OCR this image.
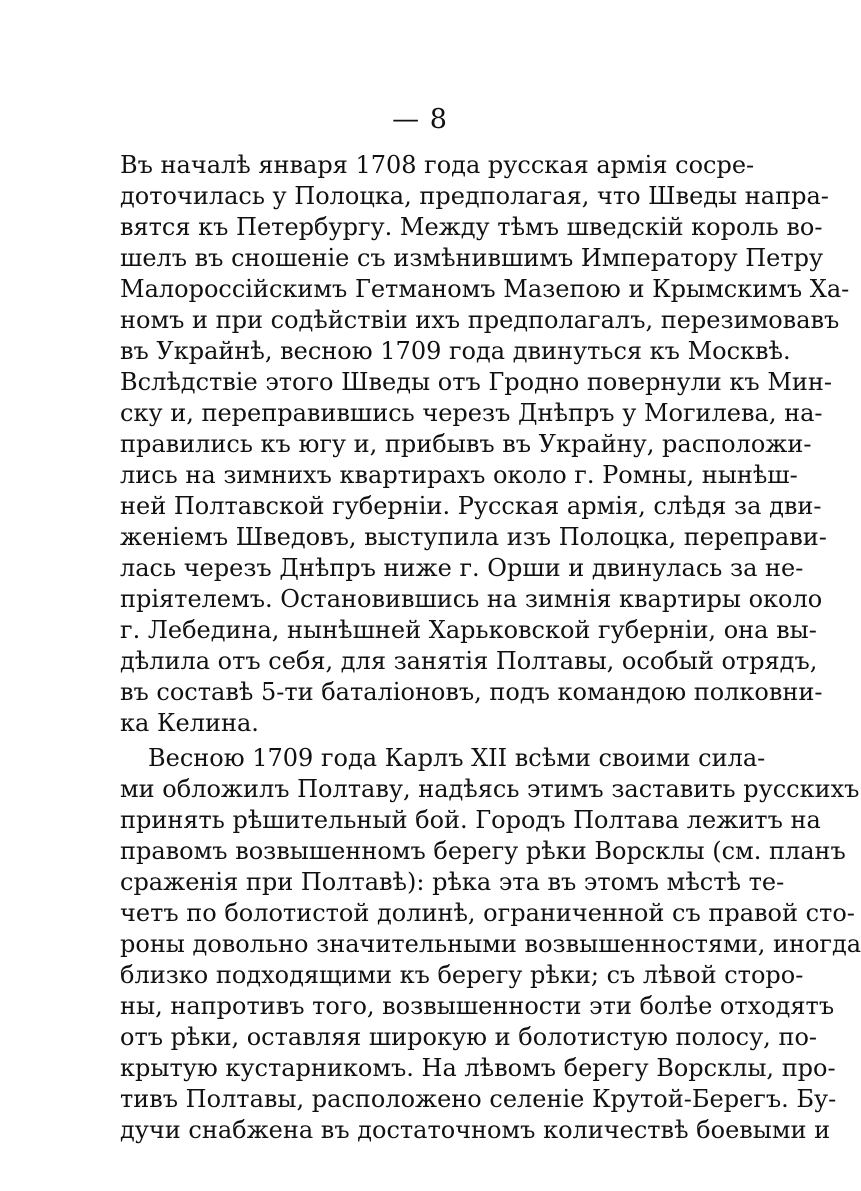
— 8
Въ началѣ января 1708 года русская армія сосре-
доточилась у Полоцка, предполагая, что Шведы напра-
вятся къ Петербургу. Между тѣмъ шведскій король во-
шелъ въ сношеніе съ измѣнившимъ Императору Петру
Малороссійскимъ Гетманомъ Мазепою и Крымскимъ Ха-
номъ и при содѣйствіи ихъ предполагалъ, перезимовавъ
въ Украйнѣ, весною 1709 года двинуться къ Москвѣ.
Вслѣдствіе этого Шведы отъ Гродно повернули къ Мин-
ску и, переправившись черезъ Днѣпръ у Могилева, на-
правились къ югу и, прибывъ въ Украйну, расположи-
лись на зимнихъ квартирахъ около г. Ромны, нынѣш-
ней Полтавской губерніи. Русская армія, слѣдя за дви-
женіемъ Шведовъ, выступила изъ Полоцка, переправи-
лась черезъ Днѣпръ ниже г. Орши и двинулась за не-
пріятелемъ. Остановившись на зимнія квартиры около
г. Лебедина, нынѣшней Харьковской губерніи, она вы-
дѣлила отъ себя, для занятія Полтавы, особый отрядъ,
въ составѣ 5-ти баталіоновъ, подъ командою полковни-
ка Келина.
Весною 1709 года Карлъ XII всѣми своими сила-
ми обложилъ Полтаву, надѣясь этимъ заставить русскихъ
принять рѣшительный бой. Городъ Полтава лежитъ на
правомъ возвышенномъ берегу рѣки Ворсклы (см. планъ
сраженія при Полтавѣ): рѣка эта въ этомъ мѣстѣ те-
четъ по болотистой долинѣ, ограниченной съ правой сто-
роны довольно значительными возвышенностями, иногда
близко подходящими къ берегу рѣки; съ лѣвой сторо-
ны, напротивъ того, возвышенности эти болѣе отходятъ
отъ рѣки, оставляя широкую и болотистую полосу, по-
крытую кустарникомъ. На лѣвомъ берегу Ворсклы, про-
тивъ Полтавы, расположено селеніе Крутой-Берегъ. Бу-
дучи снабжена въ достаточномъ количествѣ боевыми и
